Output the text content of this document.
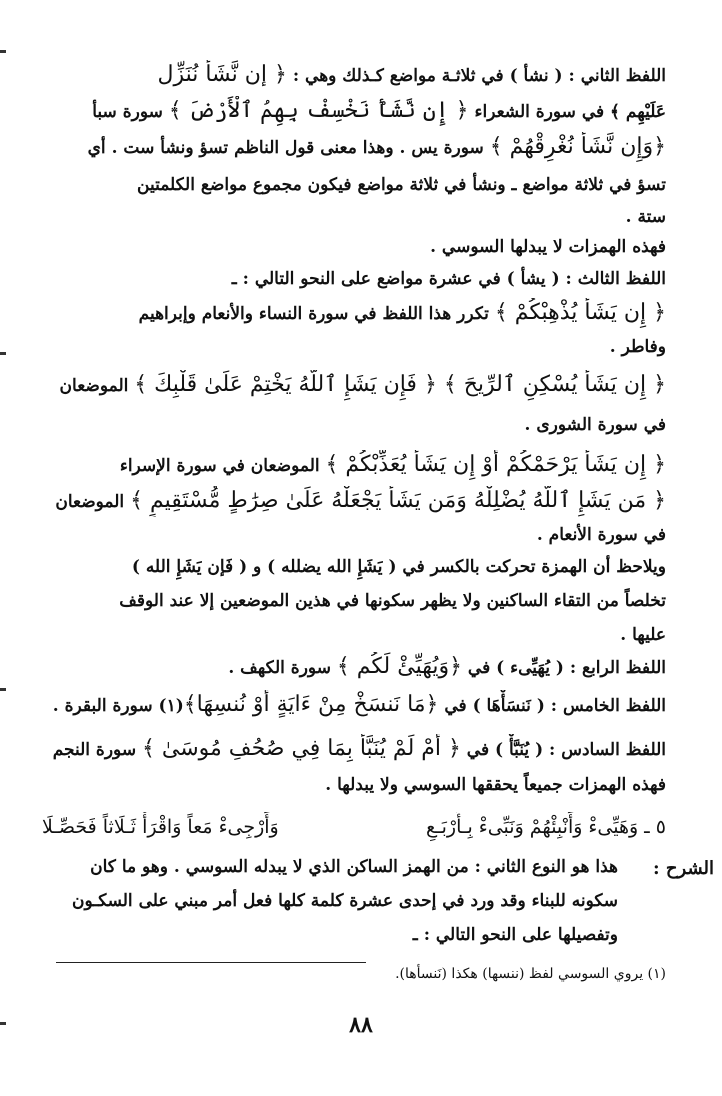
اللفظ الثاني : ( نشأ ) في ثلاثـة مواضع كـذلك وهي : ﴿ إن نَّشَأْ نُنَزِّل
عَلَيْهِم ﴾ في سورة الشعراء ﴿ إِن نَّشَأْ نَخْسِفْ بِهِمُ ٱلْأَرْضَ ﴾ سورة سبأ
﴿وَإِن نَّشَأْ نُغْرِقْهُمْ ﴾ سورة يس . وهذا معنى قول الناظم تسؤ ونشأ ست . أي
تسؤ في ثلاثة مواضع ـ ونشأ في ثلاثة مواضع فيكون مجموع مواضع الكلمتين
ستة .
فهذه الهمزات لا يبدلها السوسي .
اللفظ الثالث : ( يشأ ) في عشرة مواضع على النحو التالي : ـ
﴿ إِن يَشَأْ يُذْهِبْكُمْ ﴾ تكرر هذا اللفظ في سورة النساء والأنعام وإبراهيم
وفاطر .
﴿ إِن يَشَأْ يُسْكِنِ ٱلرِّيحَ ﴾ ﴿ فَإِن يَشَإِ ٱللَّهُ يَخْتِمْ عَلَىٰ قَلْبِكَ ﴾ الموضعان
في سورة الشورى .
﴿ إِن يَشَأْ يَرْحَمْكُمْ أَوْ إِن يَشَأْ يُعَذِّبْكُمْ ﴾ الموضعان في سورة الإسراء
﴿ مَن يَشَإِ ٱللَّهُ يُضْلِلْهُ وَمَن يَشَأْ يَجْعَلْهُ عَلَىٰ صِرَٰطٍ مُّسْتَقِيمٍ ﴾ الموضعان
في سورة الأنعام .
ويلاحظ أن الهمزة تحركت بالكسر في ( يَشَإِ الله يضلله ) و ( فَإن يَشَإِ الله )
تخلصاً من التقاء الساكنين ولا يظهر سكونها في هذين الموضعين إلا عند الوقف
عليها .
اللفظ الرابع : ( يُهَيِّىء ) في ﴿وَيُهَيِّئْ لَكُم ﴾ سورة الكهف .
اللفظ الخامس : ( نَنسَأْهَا ) في ﴿مَا نَنسَخْ مِنْ ءَايَةٍ أَوْ نُنسِهَا﴾(١) سورة البقرة .
اللفظ السادس : ( يُنَبَّأْ ) في ﴿ أَمْ لَمْ يُنَبَّأْ بِمَا فِي صُحُفِ مُوسَىٰ ﴾ سورة النجم
فهذه الهمزات جميعاً يحققها السوسي ولا يبدلها .
٥ ـ وَهَيِّىءْ وَأَنْبِئْهُمْ وَنَبِّىءْ بِـأَرْبَـعِ
وَأَرْجِىءْ مَعاً وَاقْرَأْ ثَـلَاثاً فَحَصِّـلَا
الشرح :
هذا هو النوع الثاني : من الهمز الساكن الذي لا يبدله السوسي . وهو ما كان
سكونه للبناء وقد ورد في إحدى عشرة كلمة كلها فعل أمر مبني على السكـون
وتفصيلها على النحو التالي : ـ
(١) يروي السوسي لفظ (ننسها) هكذا (نَنسأها).
٨٨
